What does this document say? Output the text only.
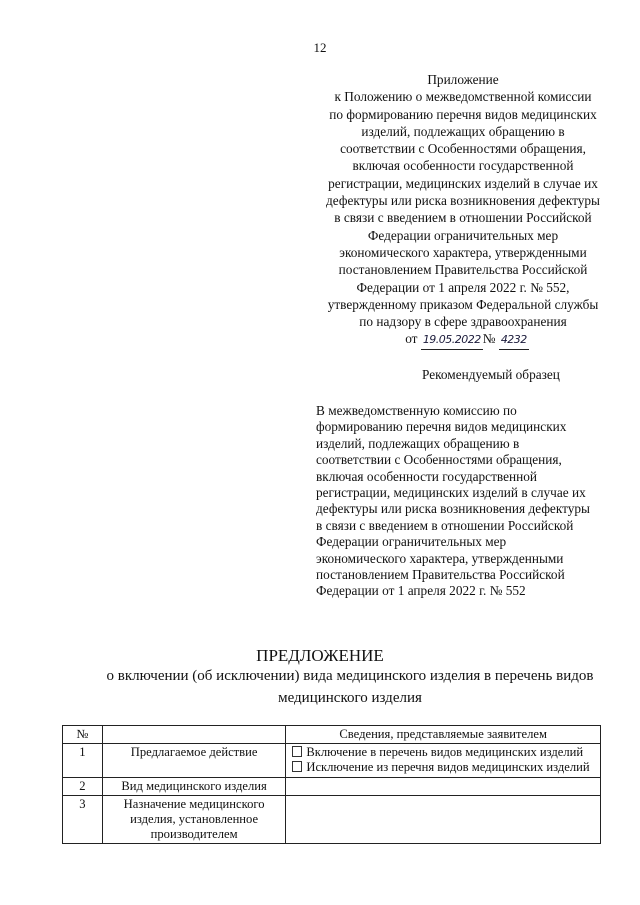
12
Приложение
к Положению о межведомственной комиссии
по формированию перечня видов медицинских
изделий, подлежащих обращению в
соответствии с Особенностями обращения,
включая особенности государственной
регистрации, медицинских изделий в случае их
дефектуры или риска возникновения дефектуры
в связи с введением в отношении Российской
Федерации ограничительных мер
экономического характера, утвержденными
постановлением Правительства Российской
Федерации от 1 апреля 2022 г. № 552,
утвержденному приказом Федеральной службы
по надзору в сфере здравоохранения
от 19.05.2022 № 4232
Рекомендуемый образец
В межведомственную комиссию по
формированию перечня видов медицинских
изделий, подлежащих обращению в
соответствии с Особенностями обращения,
включая особенности государственной
регистрации, медицинских изделий в случае их
дефектуры или риска возникновения дефектуры
в связи с введением в отношении Российской
Федерации ограничительных мер
экономического характера, утвержденными
постановлением Правительства Российской
Федерации от 1 апреля 2022 г. № 552
ПРЕДЛОЖЕНИЕ
о включении (об исключении) вида медицинского изделия в перечень видов
медицинского изделия
№		Сведения, представляемые заявителем
1	Предлагаемое действие	Включение в перечень видов медицинских изделий
Исключение из перечня видов медицинских изделий

2	Вид медицинского изделия	
3	Назначение медицинского изделия, установленное производителем	
